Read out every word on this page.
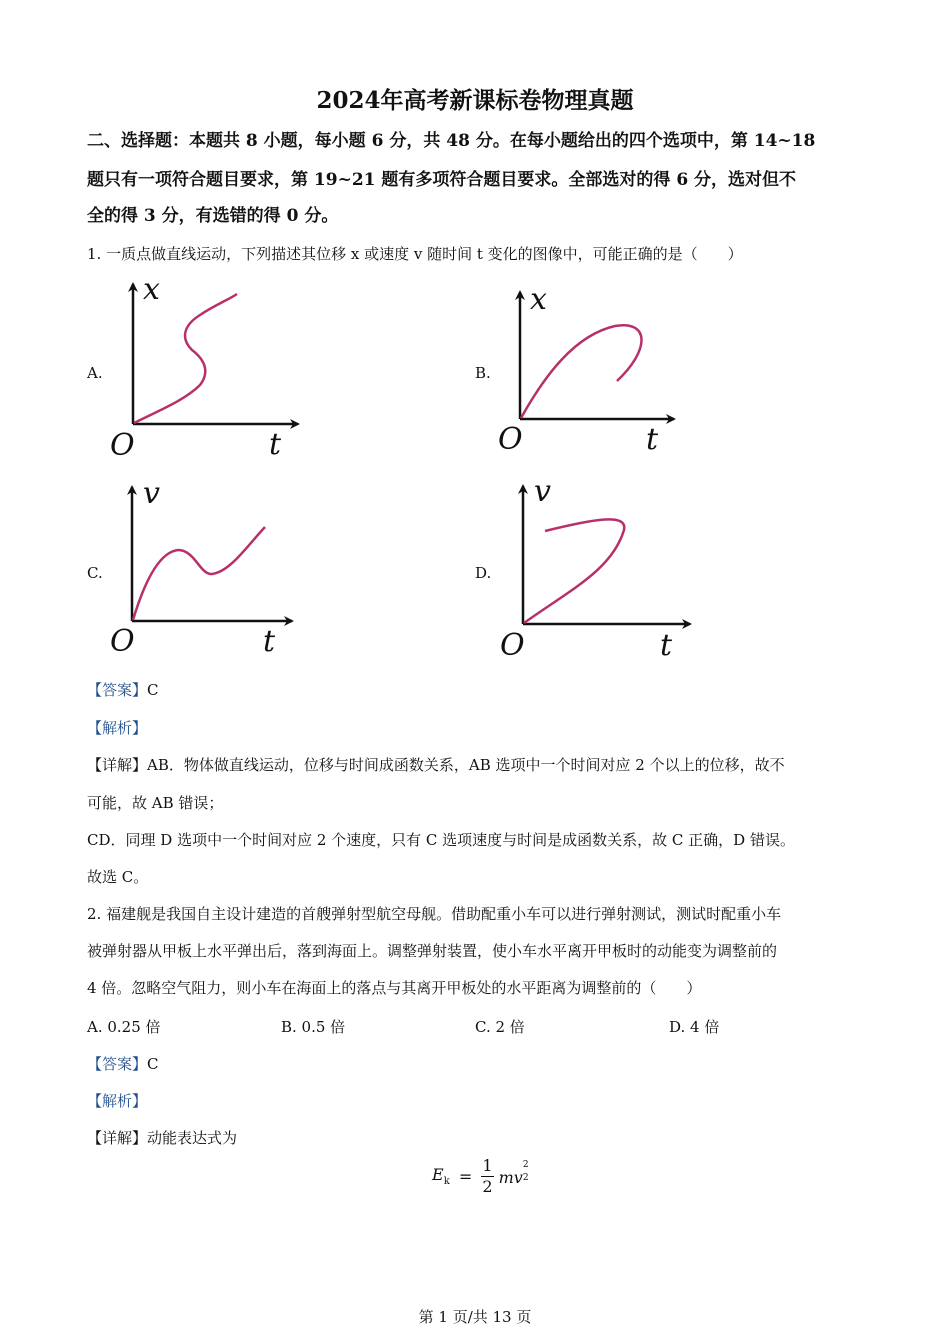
2024年高考新课标卷物理真题
二、选择题：本题共 8 小题，每小题 6 分，共 48 分。在每小题给出的四个选项中，第 14~18
题只有一项符合题目要求，第 19~21 题有多项符合题目要求。全部选对的得 6 分，选对但不
全的得 3 分，有选错的得 0 分。
1. 一质点做直线运动，下列描述其位移 x 或速度 v 随时间 t 变化的图像中，可能正确的是（　　）
A.
x
t
O
B.
x
t
O
C.
v
t
O
D.
v
t
O
【答案】C
【解析】
【详解】AB．物体做直线运动，位移与时间成函数关系，AB 选项中一个时间对应 2 个以上的位移，故不
可能，故 AB 错误；
CD．同理 D 选项中一个时间对应 2 个速度，只有 C 选项速度与时间是成函数关系，故 C 正确，D 错误。
故选 C。
2. 福建舰是我国自主设计建造的首艘弹射型航空母舰。借助配重小车可以进行弹射测试，测试时配重小车
被弹射器从甲板上水平弹出后，落到海面上。调整弹射装置，使小车水平离开甲板时的动能变为调整前的
4 倍。忽略空气阻力，则小车在海面上的落点与其离开甲板处的水平距离为调整前的（　　）
A. 0.25 倍	B. 0.5 倍	C. 2 倍	D. 4 倍
【答案】C
【解析】
【详解】动能表达式为
$E_k = \frac{1}{2}$ mv
2
2
第 1 页/共 13 页
